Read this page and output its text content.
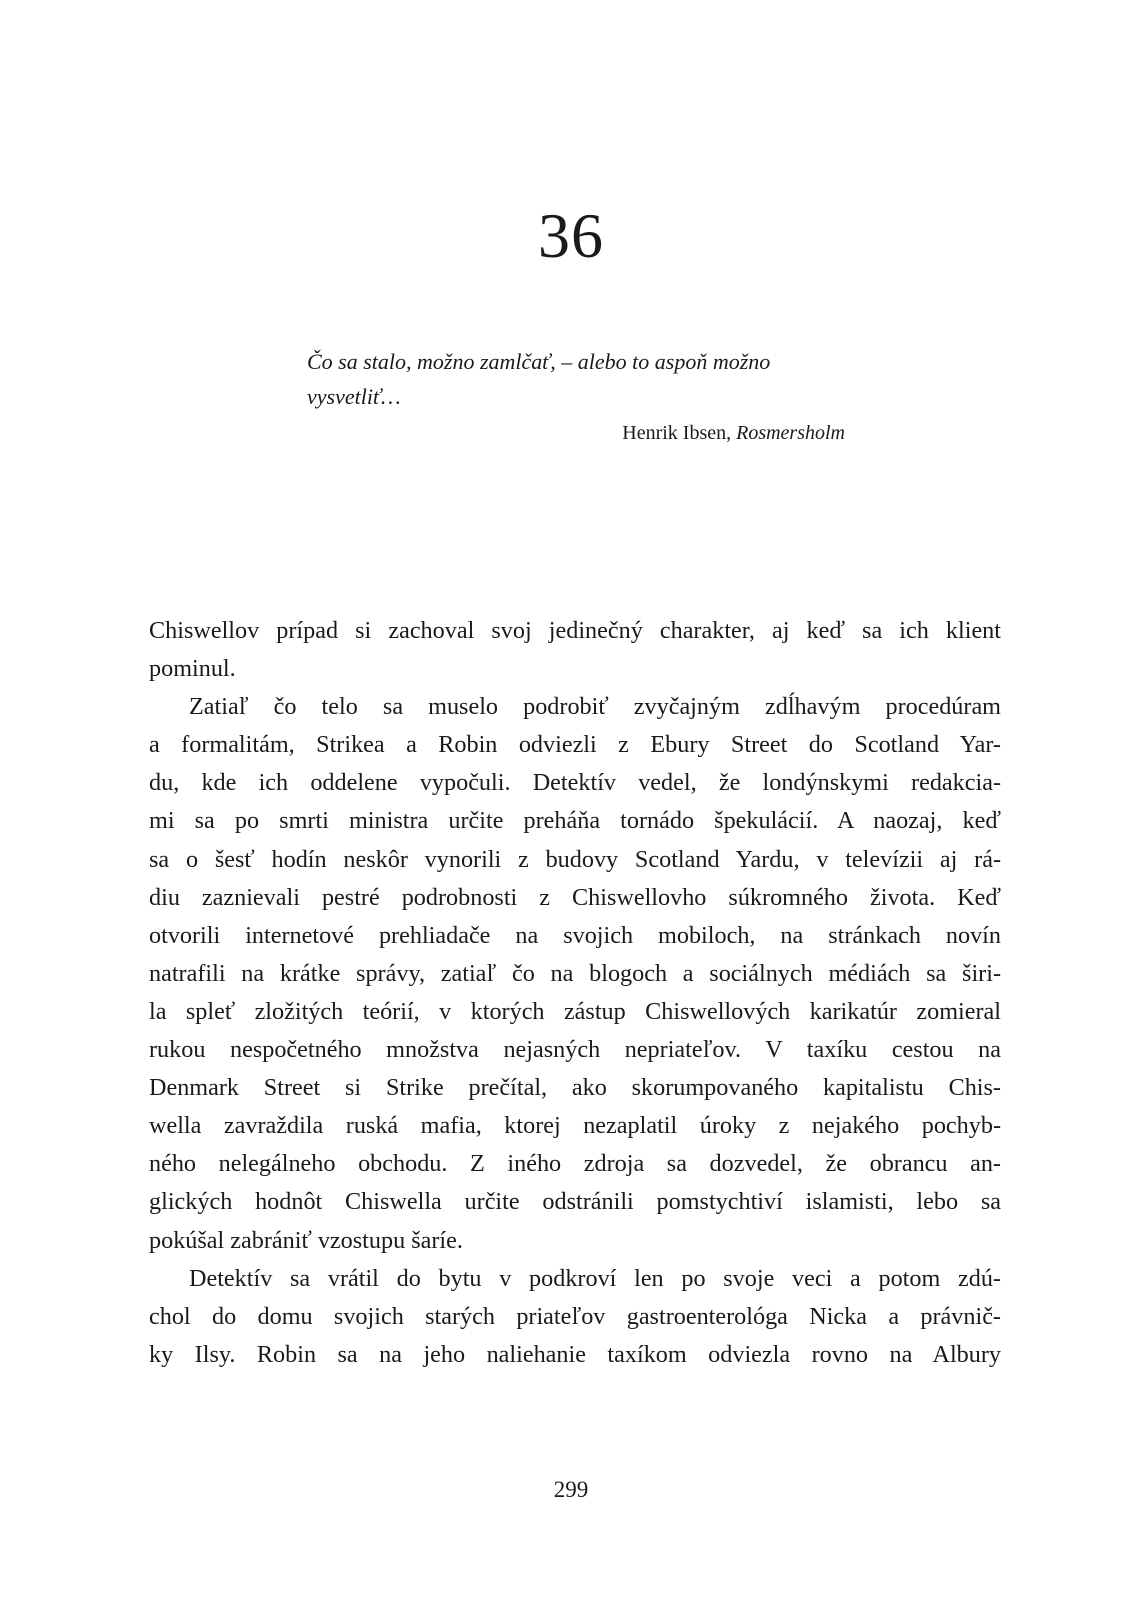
36

Čo sa stalo, možno zamlčať, – alebo to aspoň možno
vysvetliť…

Henrik Ibsen, Rosmersholm

Chiswellov prípad si zachoval svoj jedinečný charakter, aj keď sa ich klient
pominul.
Zatiaľ čo telo sa muselo podrobiť zvyčajným zdĺhavým procedúram
a formalitám, Strikea a Robin odviezli z Ebury Street do Scotland Yar-
du, kde ich oddelene vypočuli. Detektív vedel, že londýnskymi redakcia-
mi sa po smrti ministra určite preháňa tornádo špekulácií. A naozaj, keď
sa o šesť hodín neskôr vynorili z budovy Scotland Yardu, v televízii aj rá-
diu zaznievali pestré podrobnosti z Chiswellovho súkromného života. Keď
otvorili internetové prehliadače na svojich mobiloch, na stránkach novín
natrafili na krátke správy, zatiaľ čo na blogoch a sociálnych médiách sa širi-
la spleť zložitých teórií, v ktorých zástup Chiswellových karikatúr zomieral
rukou nespočetného množstva nejasných nepriateľov. V taxíku cestou na
Denmark Street si Strike prečítal, ako skorumpovaného kapitalistu Chis-
wella zavraždila ruská mafia, ktorej nezaplatil úroky z nejakého pochyb-
ného nelegálneho obchodu. Z iného zdroja sa dozvedel, že obrancu an-
glických hodnôt Chiswella určite odstránili pomstychtiví islamisti, lebo sa
pokúšal zabrániť vzostupu šaríe.
Detektív sa vrátil do bytu v podkroví len po svoje veci a potom zdú-
chol do domu svojich starých priateľov gastroenterológa Nicka a právnič-
ky Ilsy. Robin sa na jeho naliehanie taxíkom odviezla rovno na Albury
299
